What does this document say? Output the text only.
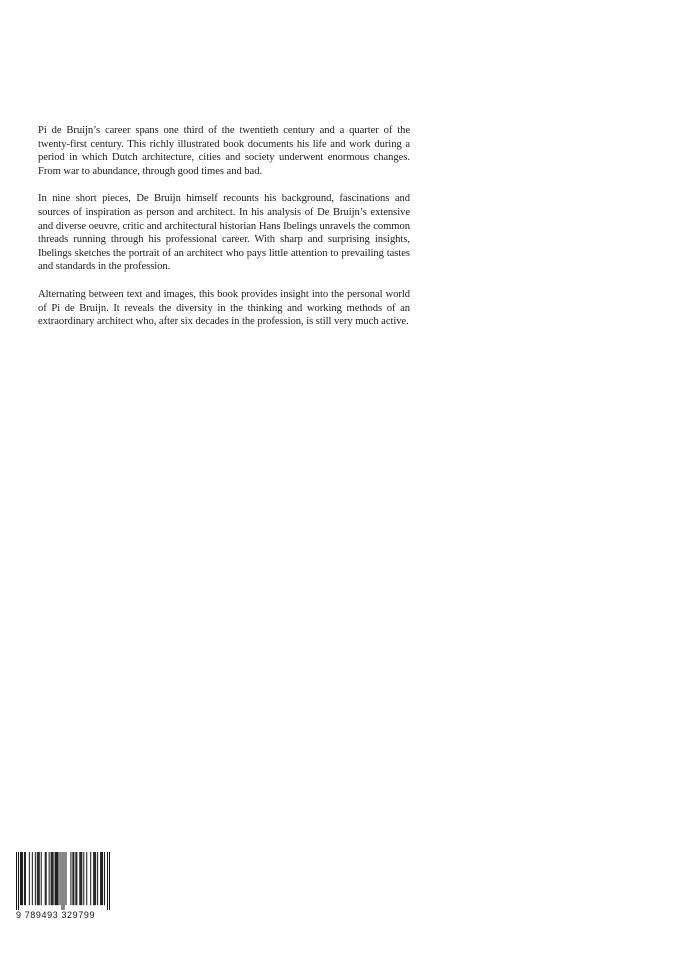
Pi de Bruijn’s career spans one third of the twentieth century and a quarter of the twenty-first century. This richly illustrated book documents his life and work during a period in which Dutch architecture, cities and society underwent enormous changes. From war to abundance, through good times and bad.

In nine short pieces, De Bruijn himself recounts his background, fascinations and sources of inspiration as person and architect. In his analysis of De Bruijn’s extensive and diverse oeuvre, critic and architectural historian Hans Ibelings unravels the common threads running through his professional career. With sharp and surprising insights, Ibelings sketches the portrait of an architect who pays little attention to prevailing tastes and standards in the profession.

Alternating between text and images, this book provides insight into the personal world of Pi de Bruijn. It reveals the diversity in the thinking and working methods of an extraordinary architect who, after six decades in the profession, is still very much active.

9 789493 329799
